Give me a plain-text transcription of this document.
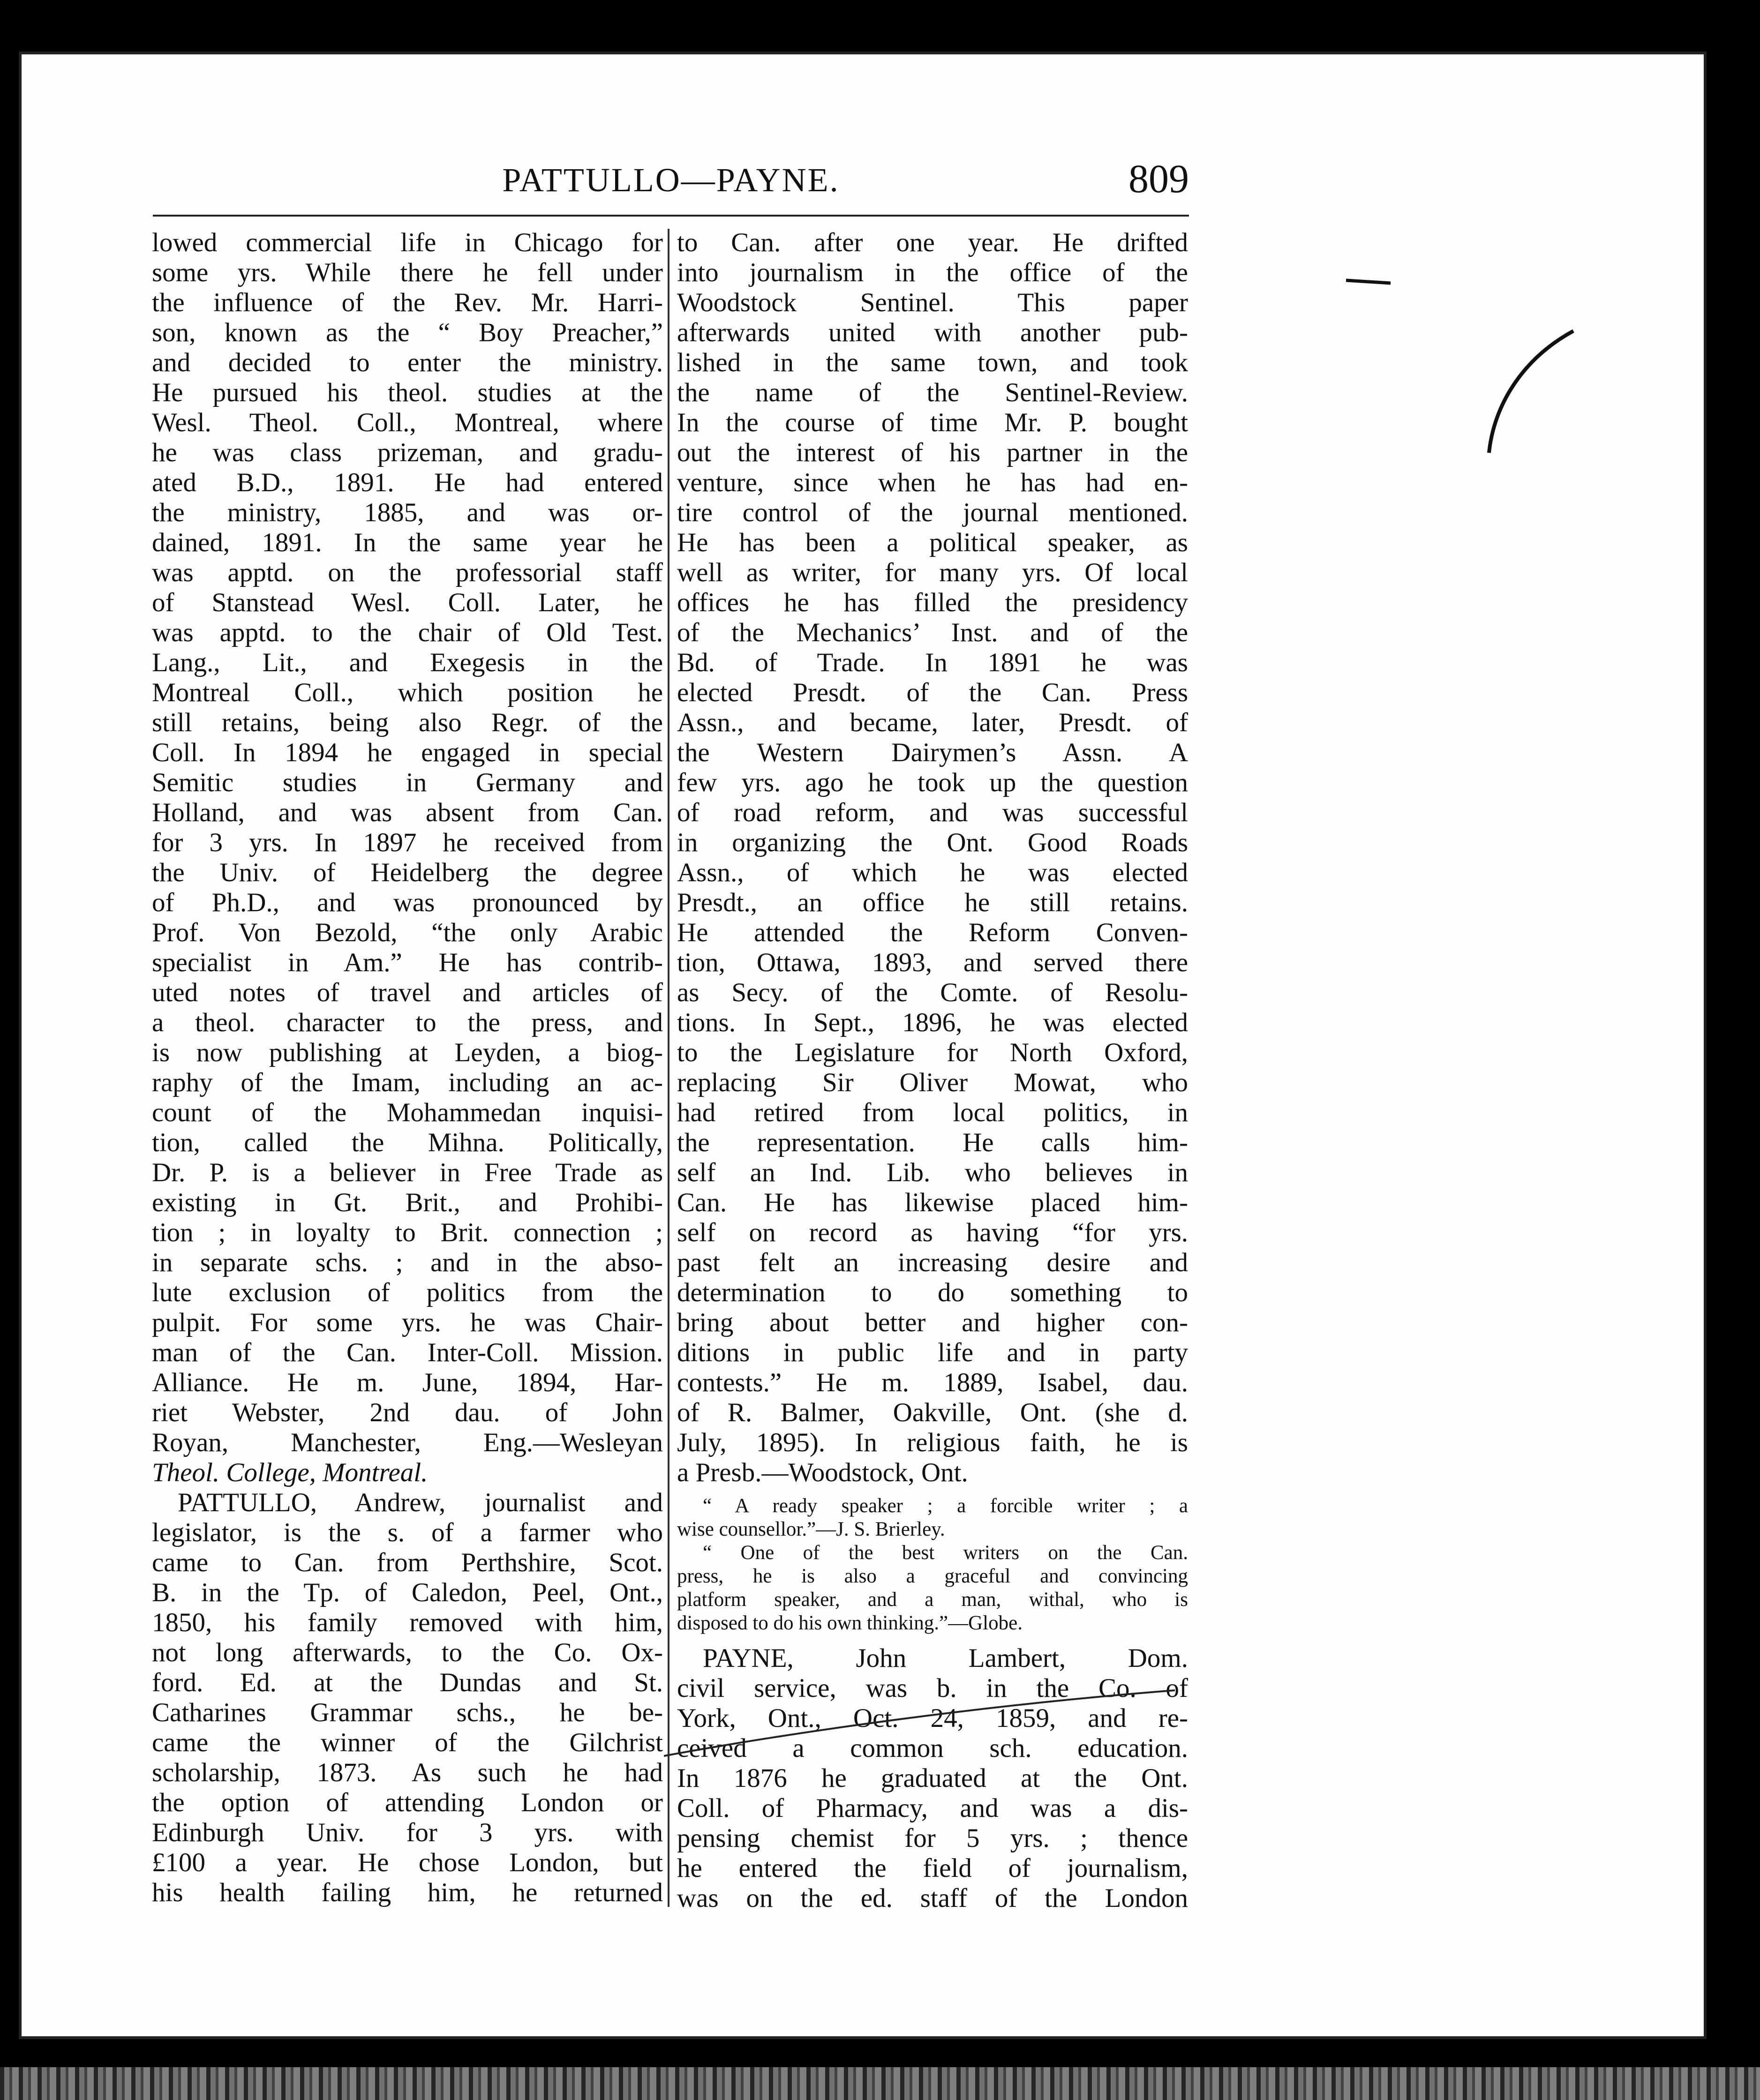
PATTULLO—PAYNE.	809
lowed commercial life in Chicago for
some yrs. While there he fell under
the influence of the Rev. Mr. Harri-
son, known as the “ Boy Preacher,”
and decided to enter the ministry.
He pursued his theol. studies at the
Wesl. Theol. Coll., Montreal, where
he was class prizeman, and gradu-
ated B.D., 1891. He had entered
the ministry, 1885, and was or-
dained, 1891. In the same year he
was apptd. on the professorial staff
of Stanstead Wesl. Coll. Later, he
was apptd. to the chair of Old Test.
Lang., Lit., and Exegesis in the
Montreal Coll., which position he
still retains, being also Regr. of the
Coll. In 1894 he engaged in special
Semitic studies in Germany and
Holland, and was absent from Can.
for 3 yrs. In 1897 he received from
the Univ. of Heidelberg the degree
of Ph.D., and was pronounced by
Prof. Von Bezold, “the only Arabic
specialist in Am.” He has contrib-
uted notes of travel and articles of
a theol. character to the press, and
is now publishing at Leyden, a biog-
raphy of the Imam, including an ac-
count of the Mohammedan inquisi-
tion, called the Mihna. Politically,
Dr. P. is a believer in Free Trade as
existing in Gt. Brit., and Prohibi-
tion ; in loyalty to Brit. connection ;
in separate schs. ; and in the abso-
lute exclusion of politics from the
pulpit. For some yrs. he was Chair-
man of the Can. Inter-Coll. Mission.
Alliance. He m. June, 1894, Har-
riet Webster, 2nd dau. of John
Royan, Manchester, Eng.—Wesleyan
Theol. College, Montreal.
PATTULLO, Andrew, journalist and
legislator, is the s. of a farmer who
came to Can. from Perthshire, Scot.
B. in the Tp. of Caledon, Peel, Ont.,
1850, his family removed with him,
not long afterwards, to the Co. Ox-
ford. Ed. at the Dundas and St.
Catharines Grammar schs., he be-
came the winner of the Gilchrist
scholarship, 1873. As such he had
the option of attending London or
Edinburgh Univ. for 3 yrs. with
£100 a year. He chose London, but
his health failing him, he returned
to Can. after one year. He drifted
into journalism in the office of the
Woodstock Sentinel. This paper
afterwards united with another pub-
lished in the same town, and took
the name of the Sentinel-Review.
In the course of time Mr. P. bought
out the interest of his partner in the
venture, since when he has had en-
tire control of the journal mentioned.
He has been a political speaker, as
well as writer, for many yrs. Of local
offices he has filled the presidency
of the Mechanics’ Inst. and of the
Bd. of Trade. In 1891 he was
elected Presdt. of the Can. Press
Assn., and became, later, Presdt. of
the Western Dairymen’s Assn. A
few yrs. ago he took up the question
of road reform, and was successful
in organizing the Ont. Good Roads
Assn., of which he was elected
Presdt., an office he still retains.
He attended the Reform Conven-
tion, Ottawa, 1893, and served there
as Secy. of the Comte. of Resolu-
tions. In Sept., 1896, he was elected
to the Legislature for North Oxford,
replacing Sir Oliver Mowat, who
had retired from local politics, in
the representation. He calls him-
self an Ind. Lib. who believes in
Can. He has likewise placed him-
self on record as having “for yrs.
past felt an increasing desire and
determination to do something to
bring about better and higher con-
ditions in public life and in party
contests.” He m. 1889, Isabel, dau.
of R. Balmer, Oakville, Ont. (she d.
July, 1895). In religious faith, he is
a Presb.—Woodstock, Ont.
“ A ready speaker ; a forcible writer ; a
wise counsellor.”—J. S. Brierley.
“ One of the best writers on the Can.
press, he is also a graceful and convincing
platform speaker, and a man, withal, who is
disposed to do his own thinking.”—Globe.
PAYNE, John Lambert, Dom.
civil service, was b. in the Co. of
York, Ont., Oct. 24, 1859, and re-
ceived a common sch. education.
In 1876 he graduated at the Ont.
Coll. of Pharmacy, and was a dis-
pensing chemist for 5 yrs. ; thence
he entered the field of journalism,
was on the ed. staff of the London
